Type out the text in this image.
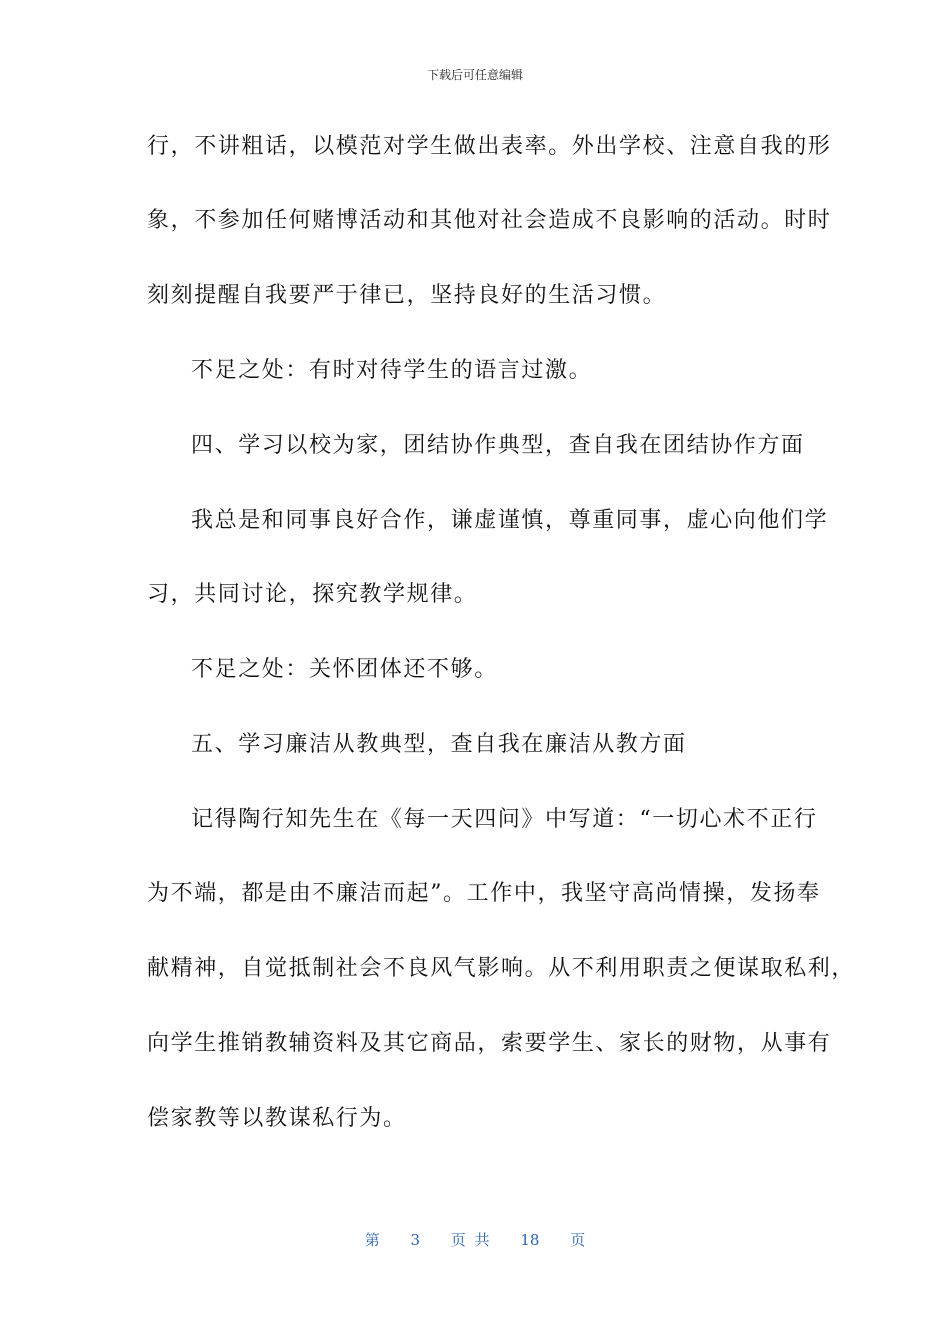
下载后可任意编辑
行，不讲粗话，以模范对学生做出表率。外出学校、注意自我的形
象，不参加任何赌博活动和其他对社会造成不良影响的活动。时时
刻刻提醒自我要严于律已，坚持良好的生活习惯。
不足之处：有时对待学生的语言过激。
四、学习以校为家，团结协作典型，查自我在团结协作方面
我总是和同事良好合作，谦虚谨慎，尊重同事，虚心向他们学
习，共同讨论，探究教学规律。
不足之处：关怀团体还不够。
五、学习廉洁从教典型，查自我在廉洁从教方面
记得陶行知先生在《每一天四问》中写道：“一切心术不正行
为不端，都是由不廉洁而起”。工作中，我坚守高尚情操，发扬奉
献精神，自觉抵制社会不良风气影响。从不利用职责之便谋取私利，
向学生推销教辅资料及其它商品，索要学生、家长的财物，从事有
偿家教等以教谋私行为。
第 3 页 共 18 页
